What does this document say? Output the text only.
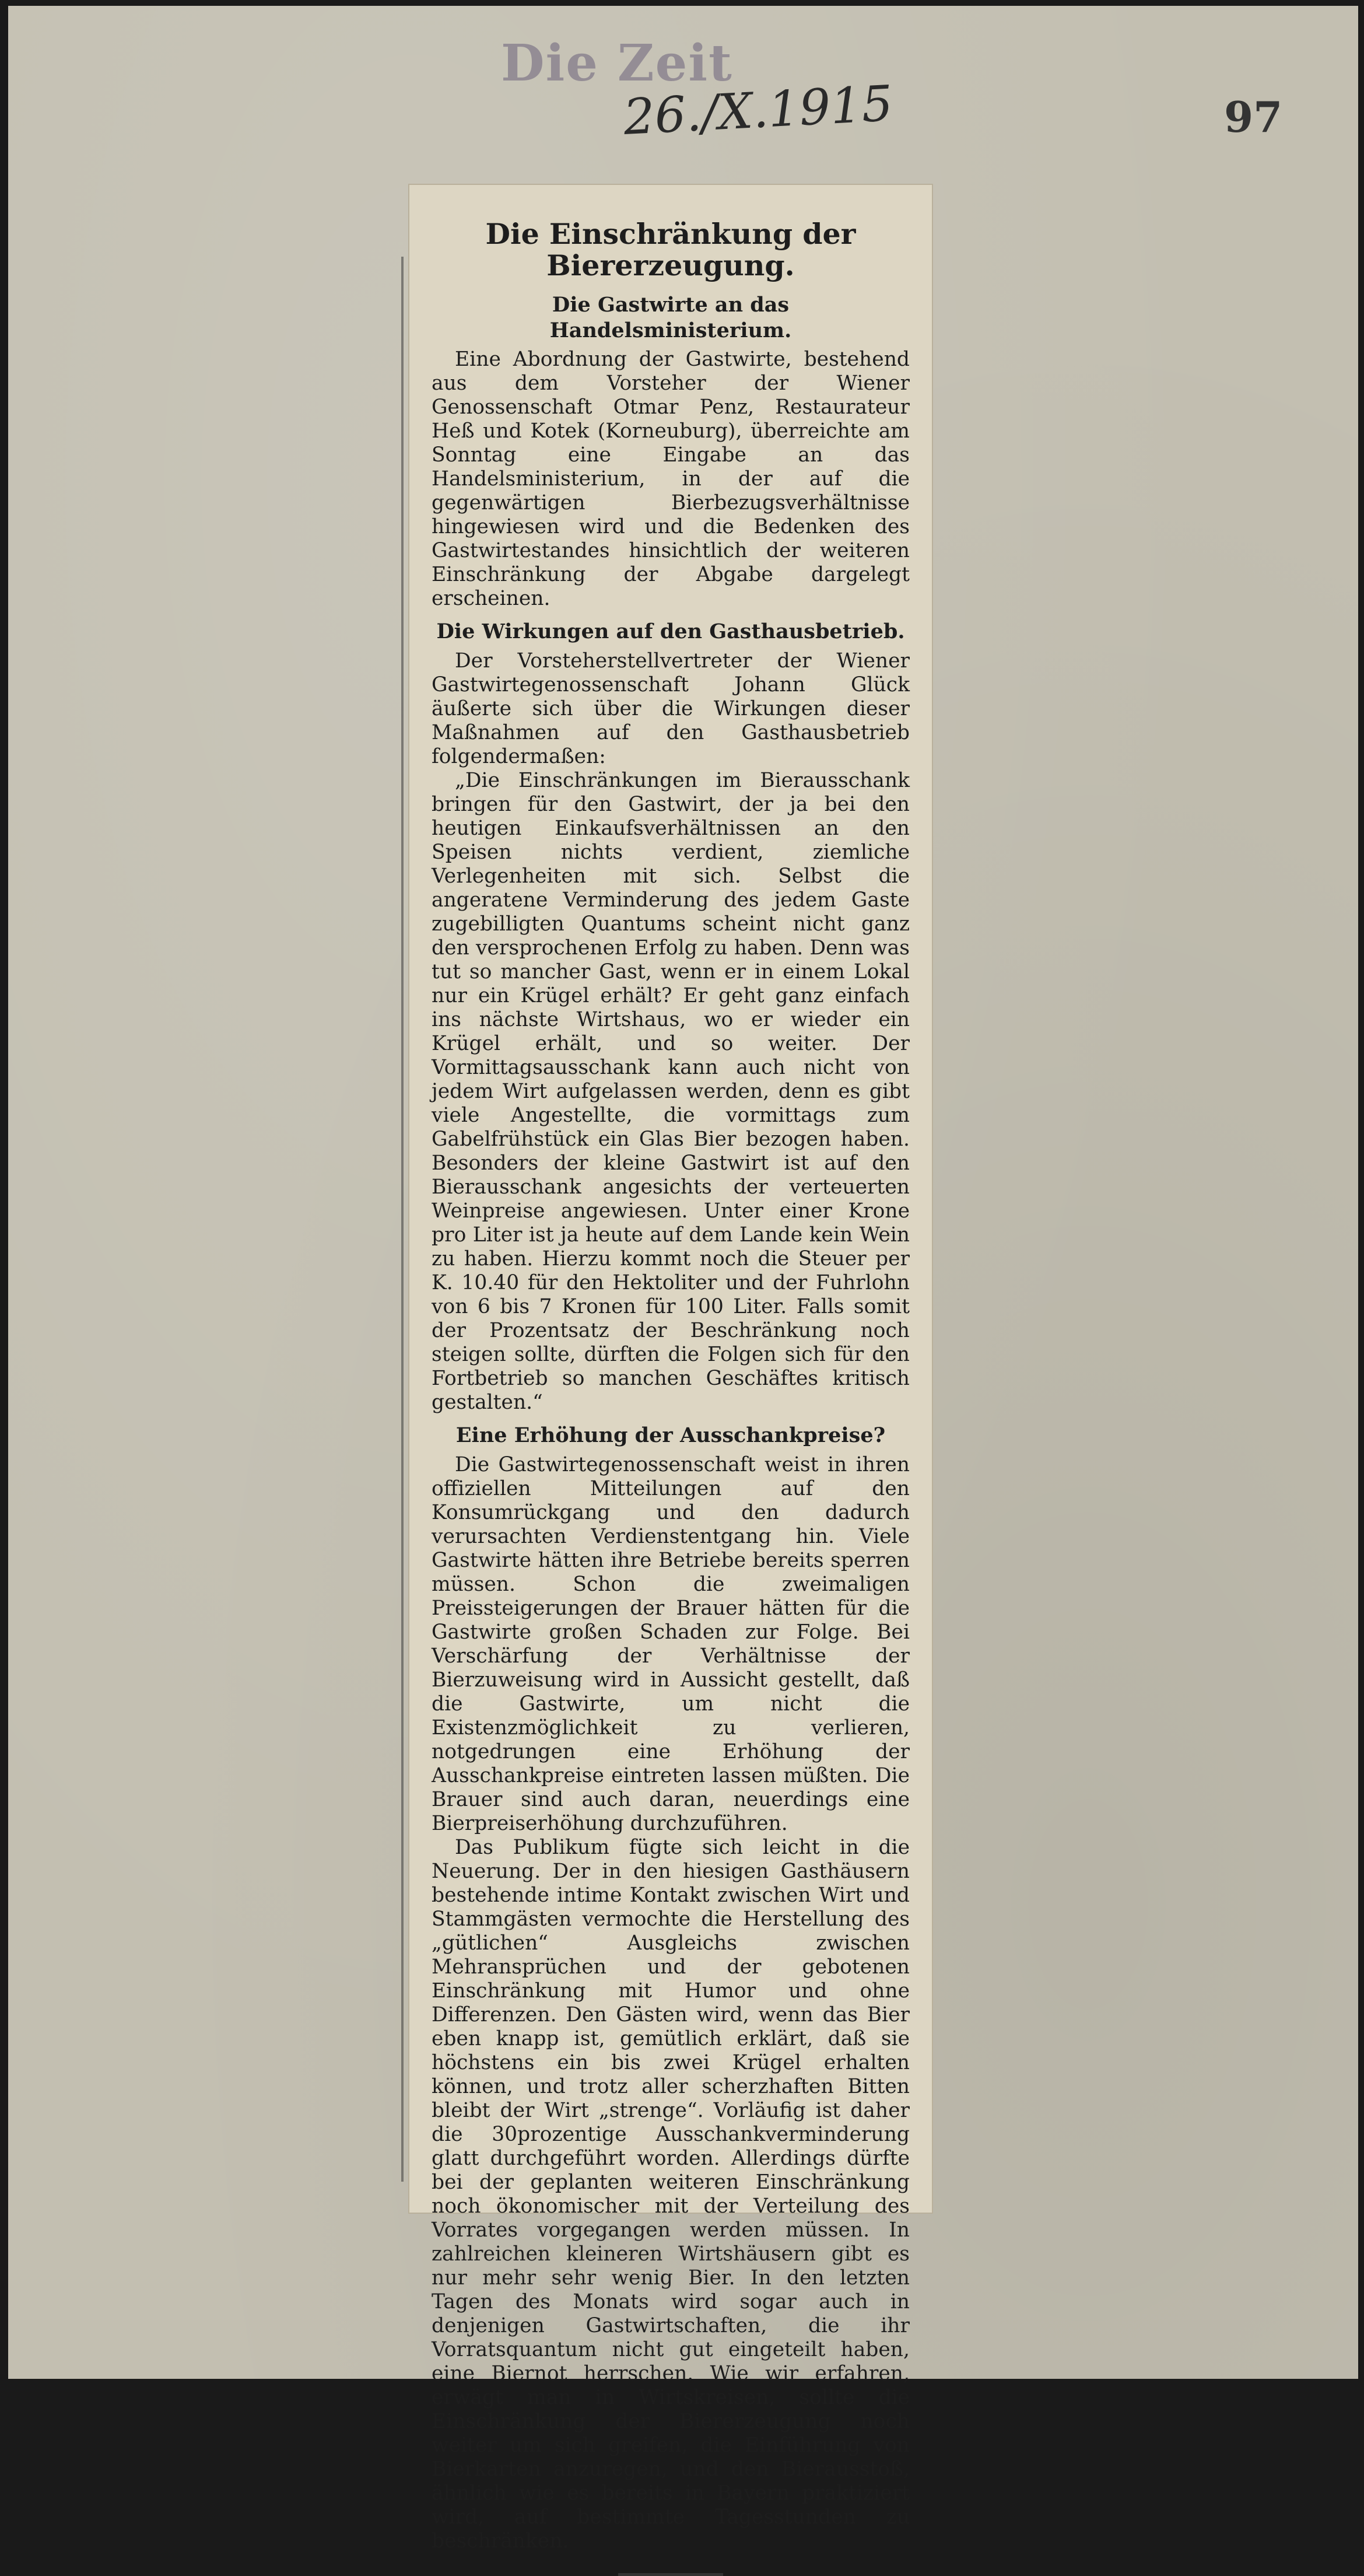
Die Zeit
26./X.1915	97
Die Einschränkung der Biererzeugung.
Die Gastwirte an das Handelsministerium.

Eine Abordnung der Gastwirte, bestehend aus dem Vorsteher der Wiener Genossenschaft Otmar Penz, Restaurateur Heß und Kotek (Korneuburg), überreichte am Sonntag eine Eingabe an das Handelsministerium, in der auf die gegenwärtigen Bierbezugsverhältnisse hingewiesen wird und die Bedenken des Gastwirtestandes hinsichtlich der weiteren Einschränkung der Abgabe dargelegt erscheinen.

Die Wirkungen auf den Gasthausbetrieb.

Der Vorsteherstellvertreter der Wiener Gastwirtegenossenschaft Johann Glück äußerte sich über die Wirkungen dieser Maßnahmen auf den Gasthausbetrieb folgendermaßen:

„Die Einschränkungen im Bierausschank bringen für den Gastwirt, der ja bei den heutigen Einkaufsverhältnissen an den Speisen nichts verdient, ziemliche Verlegenheiten mit sich. Selbst die angeratene Verminderung des jedem Gaste zugebilligten Quantums scheint nicht ganz den versprochenen Erfolg zu haben. Denn was tut so mancher Gast, wenn er in einem Lokal nur ein Krügel erhält? Er geht ganz einfach ins nächste Wirtshaus, wo er wieder ein Krügel erhält, und so weiter. Der Vormittagsausschank kann auch nicht von jedem Wirt aufgelassen werden, denn es gibt viele Angestellte, die vormittags zum Gabelfrühstück ein Glas Bier bezogen haben. Besonders der kleine Gastwirt ist auf den Bierausschank angesichts der verteuerten Weinpreise angewiesen. Unter einer Krone pro Liter ist ja heute auf dem Lande kein Wein zu haben. Hierzu kommt noch die Steuer per K. 10.40 für den Hektoliter und der Fuhrlohn von 6 bis 7 Kronen für 100 Liter. Falls somit der Prozentsatz der Beschränkung noch steigen sollte, dürften die Folgen sich für den Fortbetrieb so manchen Geschäftes kritisch gestalten.“

Eine Erhöhung der Ausschankpreise?

Die Gastwirtegenossenschaft weist in ihren offiziellen Mitteilungen auf den Konsumrückgang und den dadurch verursachten Verdienstentgang hin. Viele Gastwirte hätten ihre Betriebe bereits sperren müssen. Schon die zweimaligen Preissteigerungen der Brauer hätten für die Gastwirte großen Schaden zur Folge. Bei Verschärfung der Verhältnisse der Bierzuweisung wird in Aussicht gestellt, daß die Gastwirte, um nicht die Existenzmöglichkeit zu verlieren, notgedrungen eine Erhöhung der Ausschankpreise eintreten lassen müßten. Die Brauer sind auch daran, neuerdings eine Bierpreiserhöhung durchzuführen.

Das Publikum fügte sich leicht in die Neuerung. Der in den hiesigen Gasthäusern bestehende intime Kontakt zwischen Wirt und Stammgästen vermochte die Herstellung des „gütlichen“ Ausgleichs zwischen Mehransprüchen und der gebotenen Einschränkung mit Humor und ohne Differenzen. Den Gästen wird, wenn das Bier eben knapp ist, gemütlich erklärt, daß sie höchstens ein bis zwei Krügel erhalten können, und trotz aller scherzhaften Bitten bleibt der Wirt „strenge“. Vorläufig ist daher die 30prozentige Ausschankverminderung glatt durchgeführt worden. Allerdings dürfte bei der geplanten weiteren Einschränkung noch ökonomischer mit der Verteilung des Vorrates vorgegangen werden müssen. In zahlreichen kleineren Wirtshäusern gibt es nur mehr sehr wenig Bier. In den letzten Tagen des Monats wird sogar auch in denjenigen Gastwirtschaften, die ihr Vorratsquantum nicht gut eingeteilt haben, eine Biernot herrschen. Wie wir erfahren, erwägt man in Wirtskreisen, sollte die Einschränkung der Biererzeugung noch weiter um sich greifen, die Einführung von Bierkarten anzuregen, und den Bierausstoß, ähnlich wie es bereits in Bayern praktiziert wird, auf bestimmte Tagesstunden zu beschränken.
